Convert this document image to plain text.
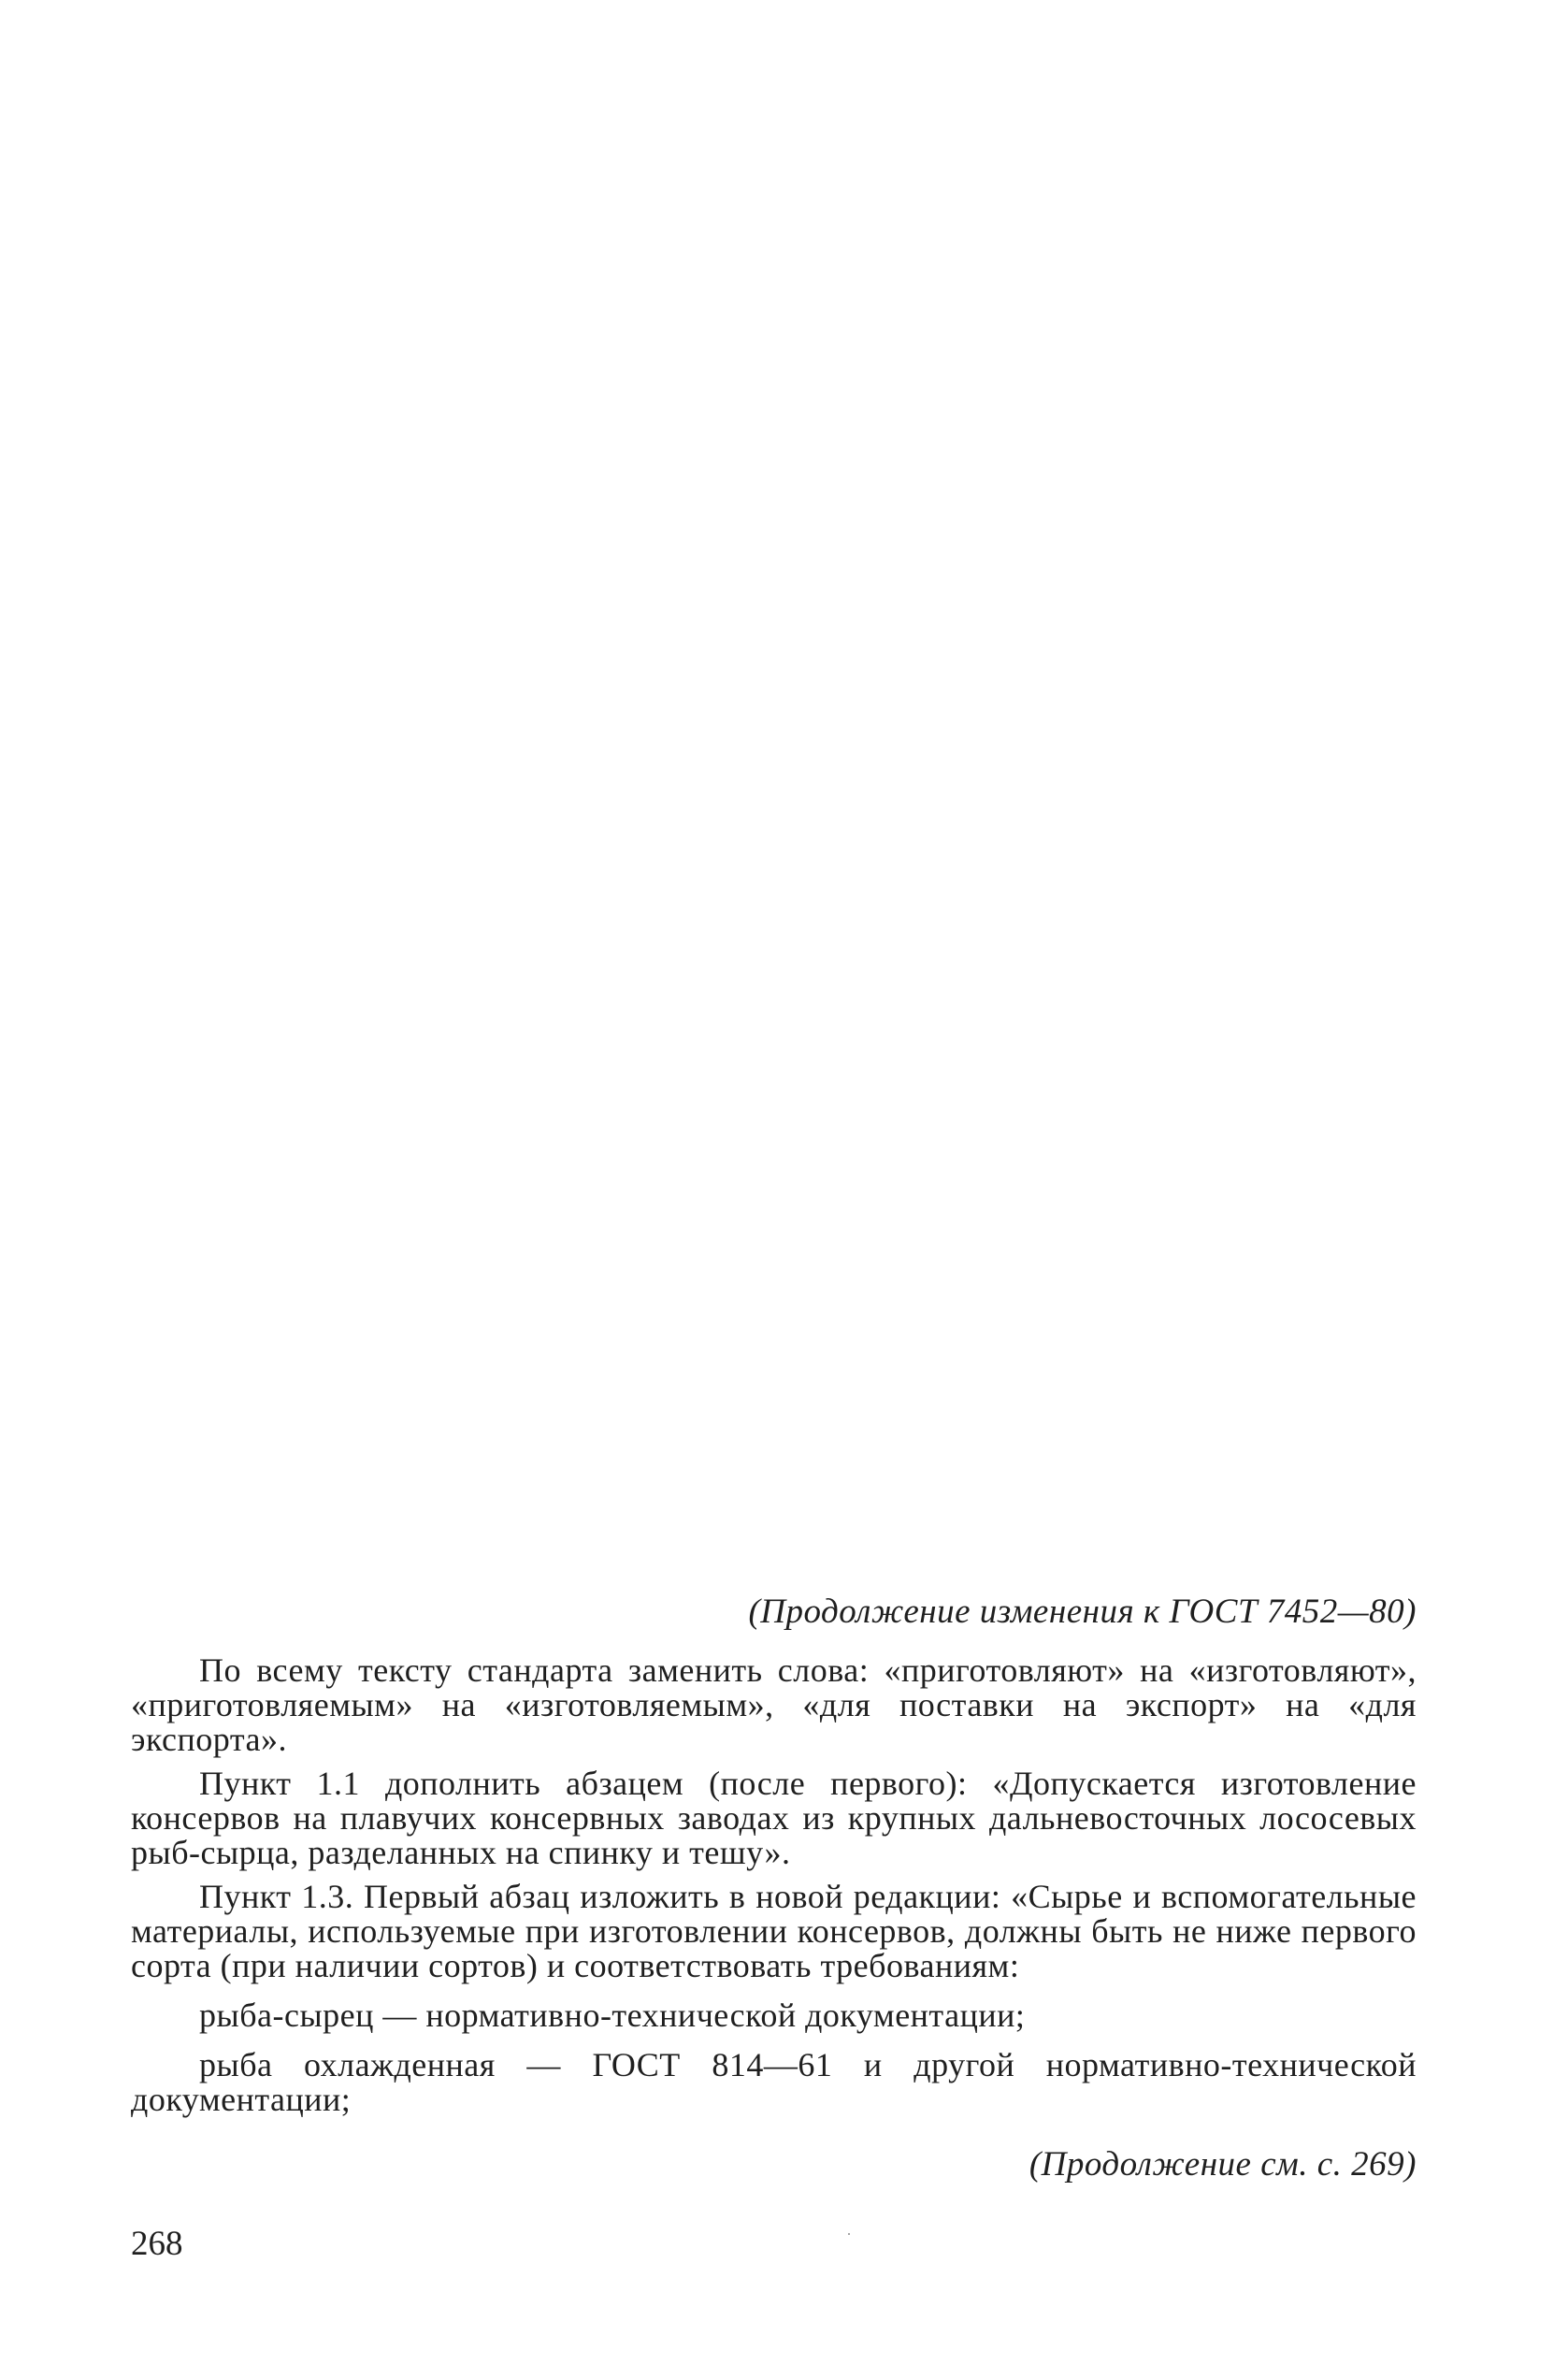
(Продолжение изменения к ГОСТ 7452—80)

По всему тексту стандарта заменить слова: «приготовляют» на «изготовляют», «приготовляемым» на «изготовляемым», «для поставки на экспорт» на «для экспорта».

Пункт 1.1 дополнить абзацем (после первого): «Допускается изготовление консервов на плавучих консервных заводах из крупных дальневосточных лососевых рыб-сырца, разделанных на спинку и тешу».

Пункт 1.3. Первый абзац изложить в новой редакции: «Сырье и вспомогательные материалы, используемые при изготовлении консервов, должны быть не ниже первого сорта (при наличии сортов) и соответствовать требованиям:

рыба-сырец — нормативно-технической документации;

рыба охлажденная — ГОСТ 814—61 и другой нормативно-технической документации;

(Продолжение см. с. 269)
268
